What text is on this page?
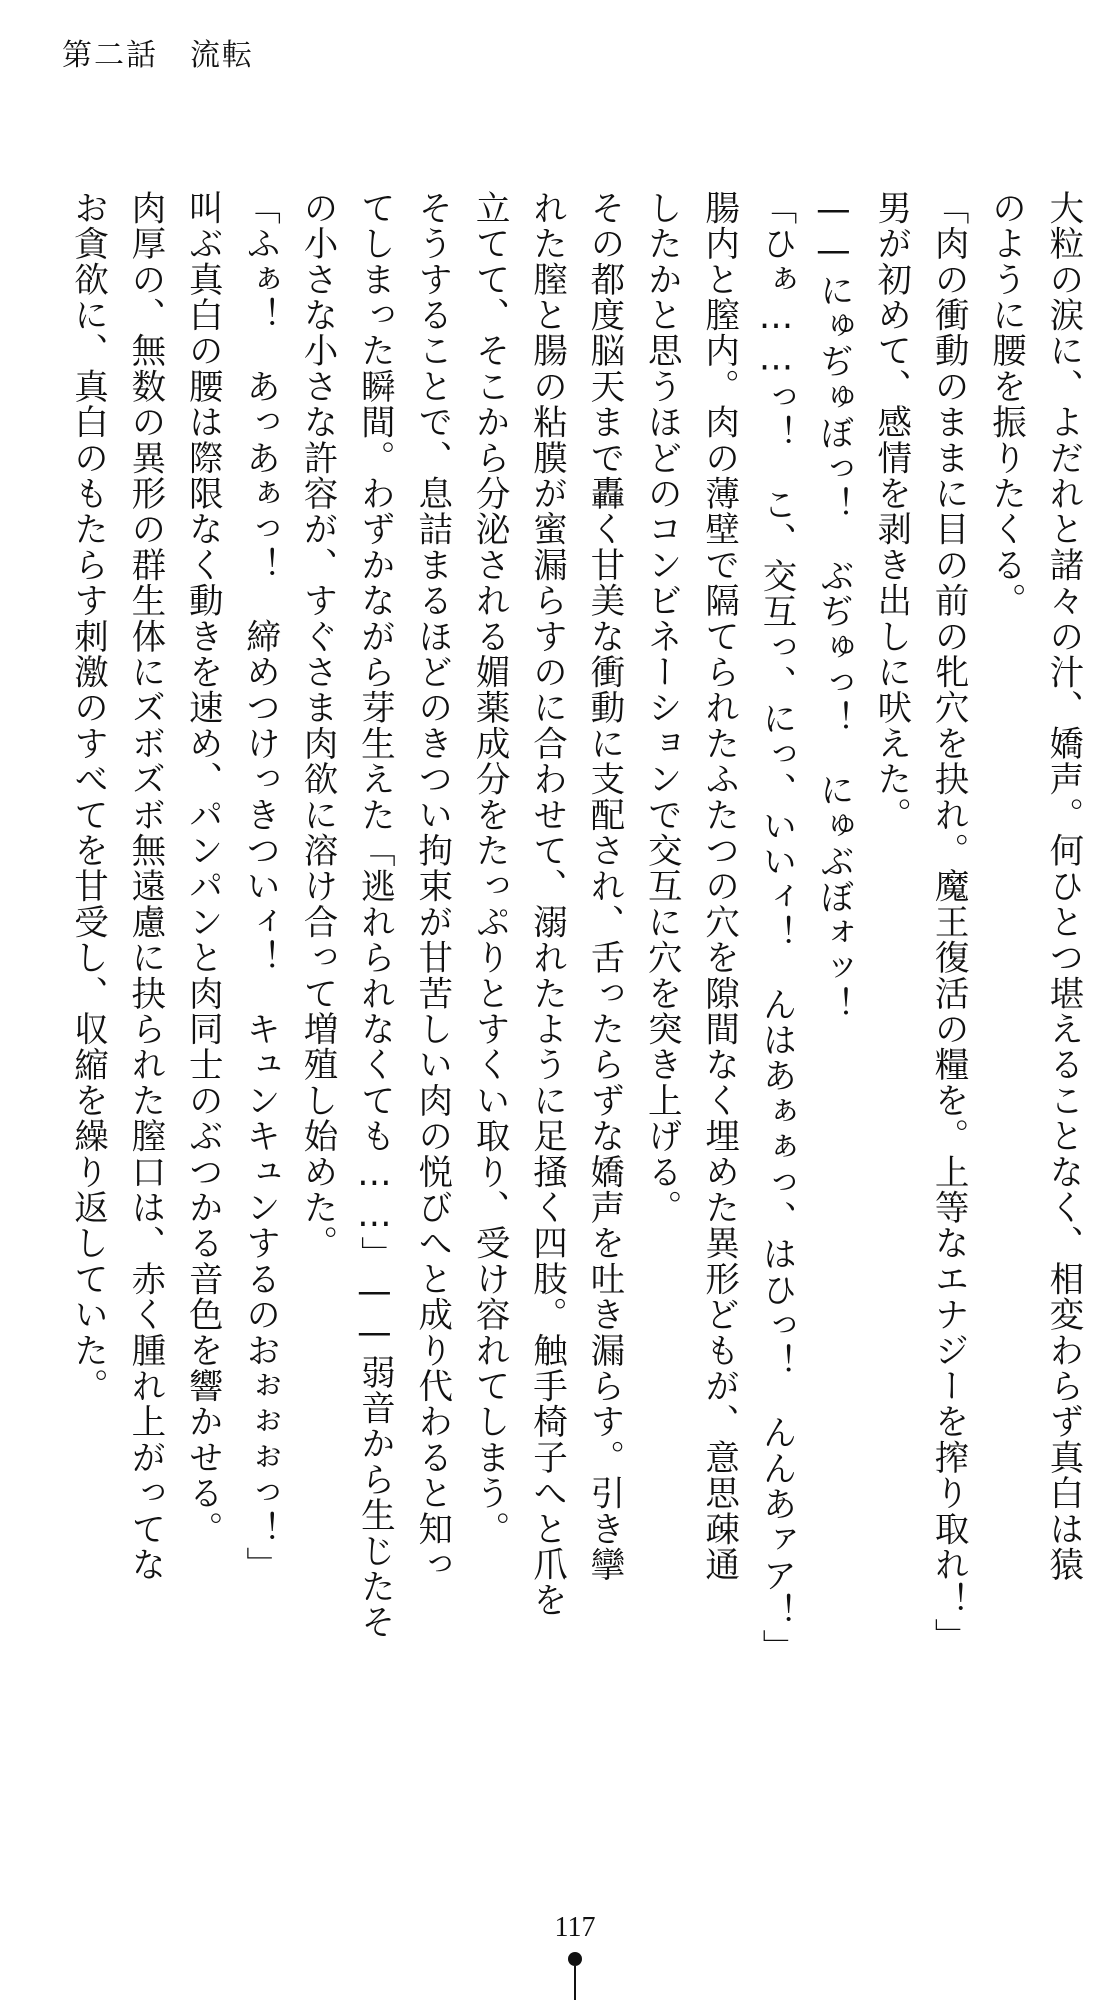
第二話　流転
大粒の涙に、よだれと諸々の汁、嬌声。何ひとつ堪えることなく、相変わらず真白は猿
のように腰を振りたくる。
「肉の衝動のままに目の前の牝穴を抉れ。魔王復活の糧を。上等なエナジーを搾り取れ！」
男が初めて、感情を剥き出しに吠えた。
——にゅぢゅぼっ！　ぶぢゅっ！　にゅぶぼォッ！
「ひぁ……っ！　こ、交互っ、にっ、いいィ！　んはあぁぁっ、はひっ！　んんあァア！」
腸内と膣内。肉の薄壁で隔てられたふたつの穴を隙間なく埋めた異形どもが、意思疎通
したかと思うほどのコンビネーションで交互に穴を突き上げる。
その都度脳天まで轟く甘美な衝動に支配され、舌ったらずな嬌声を吐き漏らす。引き攣
れた膣と腸の粘膜が蜜漏らすのに合わせて、溺れたように足掻く四肢。触手椅子へと爪を
立てて、そこから分泌される媚薬成分をたっぷりとすくい取り、受け容れてしまう。
そうすることで、息詰まるほどのきつい拘束が甘苦しい肉の悦びへと成り代わると知っ
てしまった瞬間。わずかながら芽生えた「逃れられなくても……」——弱音から生じたそ
の小さな小さな許容が、すぐさま肉欲に溶け合って増殖し始めた。
「ふぁ！　あっあぁっ！　締めつけっきついィ！　キュンキュンするのおぉぉぉっ！」
叫ぶ真白の腰は際限なく動きを速め、パンパンと肉同士のぶつかる音色を響かせる。
肉厚の、無数の異形の群生体にズボズボ無遠慮に抉られた膣口は、赤く腫れ上がってな
お貪欲に、真白のもたらす刺激のすべてを甘受し、収縮を繰り返していた。
117
